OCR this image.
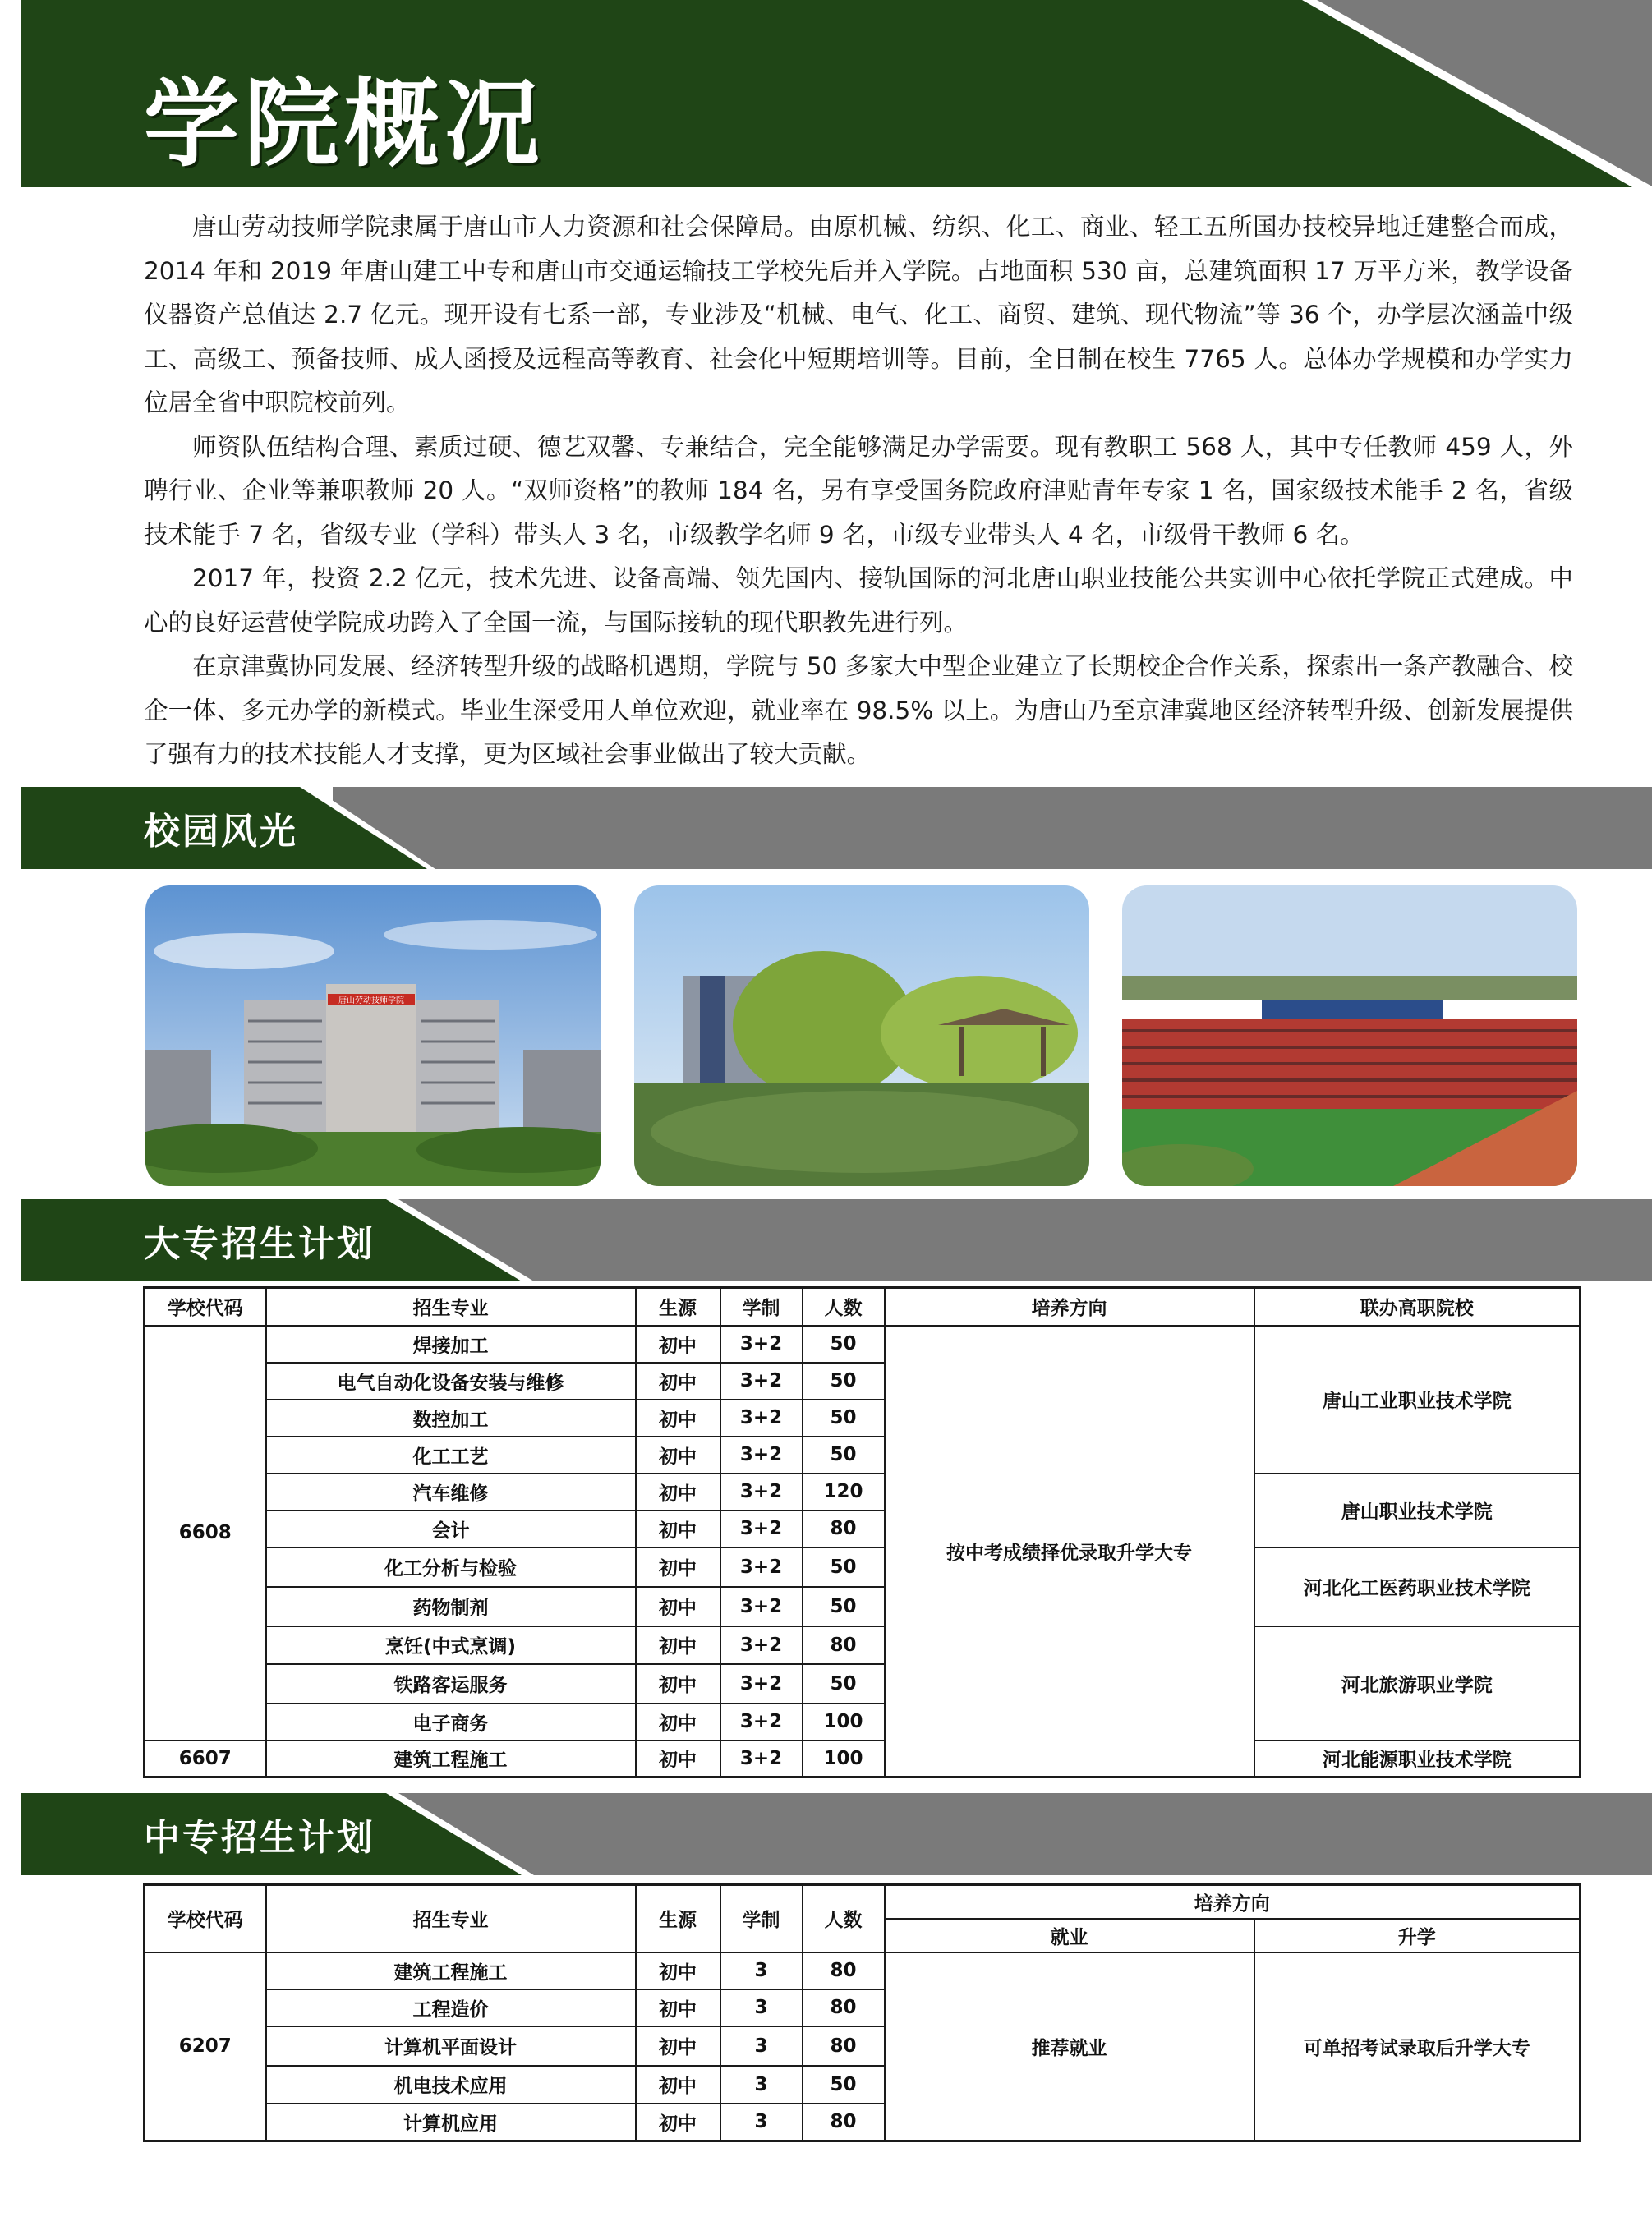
学院概况

唐山劳动技师学院隶属于唐山市人力资源和社会保障局。由原机械、纺织、化工、商业、轻工五所国办技校异地迁建整合而成，2014 年和 2019 年唐山建工中专和唐山市交通运输技工学校先后并入学院。占地面积 530 亩，总建筑面积 17 万平方米，教学设备仪器资产总值达 2.7 亿元。现开设有七系一部，专业涉及“机械、电气、化工、商贸、建筑、现代物流”等 36 个，办学层次涵盖中级工、高级工、预备技师、成人函授及远程高等教育、社会化中短期培训等。目前，全日制在校生 7765 人。总体办学规模和办学实力位居全省中职院校前列。

师资队伍结构合理、素质过硬、德艺双馨、专兼结合，完全能够满足办学需要。现有教职工 568 人，其中专任教师 459 人，外聘行业、企业等兼职教师 20 人。“双师资格”的教师 184 名，另有享受国务院政府津贴青年专家 1 名，国家级技术能手 2 名，省级技术能手 7 名，省级专业（学科）带头人 3 名，市级教学名师 9 名，市级专业带头人 4 名，市级骨干教师 6 名。

2017 年，投资 2.2 亿元，技术先进、设备高端、领先国内、接轨国际的河北唐山职业技能公共实训中心依托学院正式建成。中心的良好运营使学院成功跨入了全国一流，与国际接轨的现代职教先进行列。

在京津冀协同发展、经济转型升级的战略机遇期，学院与 50 多家大中型企业建立了长期校企合作关系，探索出一条产教融合、校企一体、多元办学的新模式。毕业生深受用人单位欢迎，就业率在 98.5% 以上。为唐山乃至京津冀地区经济转型升级、创新发展提供了强有力的技术技能人才支撑，更为区域社会事业做出了较大贡献。

校园风光
唐山劳动技师学院
大专招生计划
学校代码	招生专业	生源	学制	人数	培养方向	联办高职院校
6608	焊接加工	初中	3+2	50	按中考成绩择优录取升学大专	唐山工业职业技术学院
	电气自动化设备安装与维修	初中	3+2	50		
	数控加工	初中	3+2	50		
	化工工艺	初中	3+2	50		
	汽车维修	初中	3+2	120		唐山职业技术学院
	会计	初中	3+2	80		
	化工分析与检验	初中	3+2	50		河北化工医药职业技术学院
	药物制剂	初中	3+2	50		
	烹饪(中式烹调)	初中	3+2	80		河北旅游职业学院
	铁路客运服务	初中	3+2	50		
	电子商务	初中	3+2	100		
6607	建筑工程施工	初中	3+2	100		河北能源职业技术学院
中专招生计划
学校代码	招生专业	生源	学制	人数	培养方向	
					就业	升学
6207	建筑工程施工	初中	3	80	推荐就业	可单招考试录取后升学大专
	工程造价	初中	3	80		
	计算机平面设计	初中	3	80		
	机电技术应用	初中	3	50		
	计算机应用	初中	3	80		
